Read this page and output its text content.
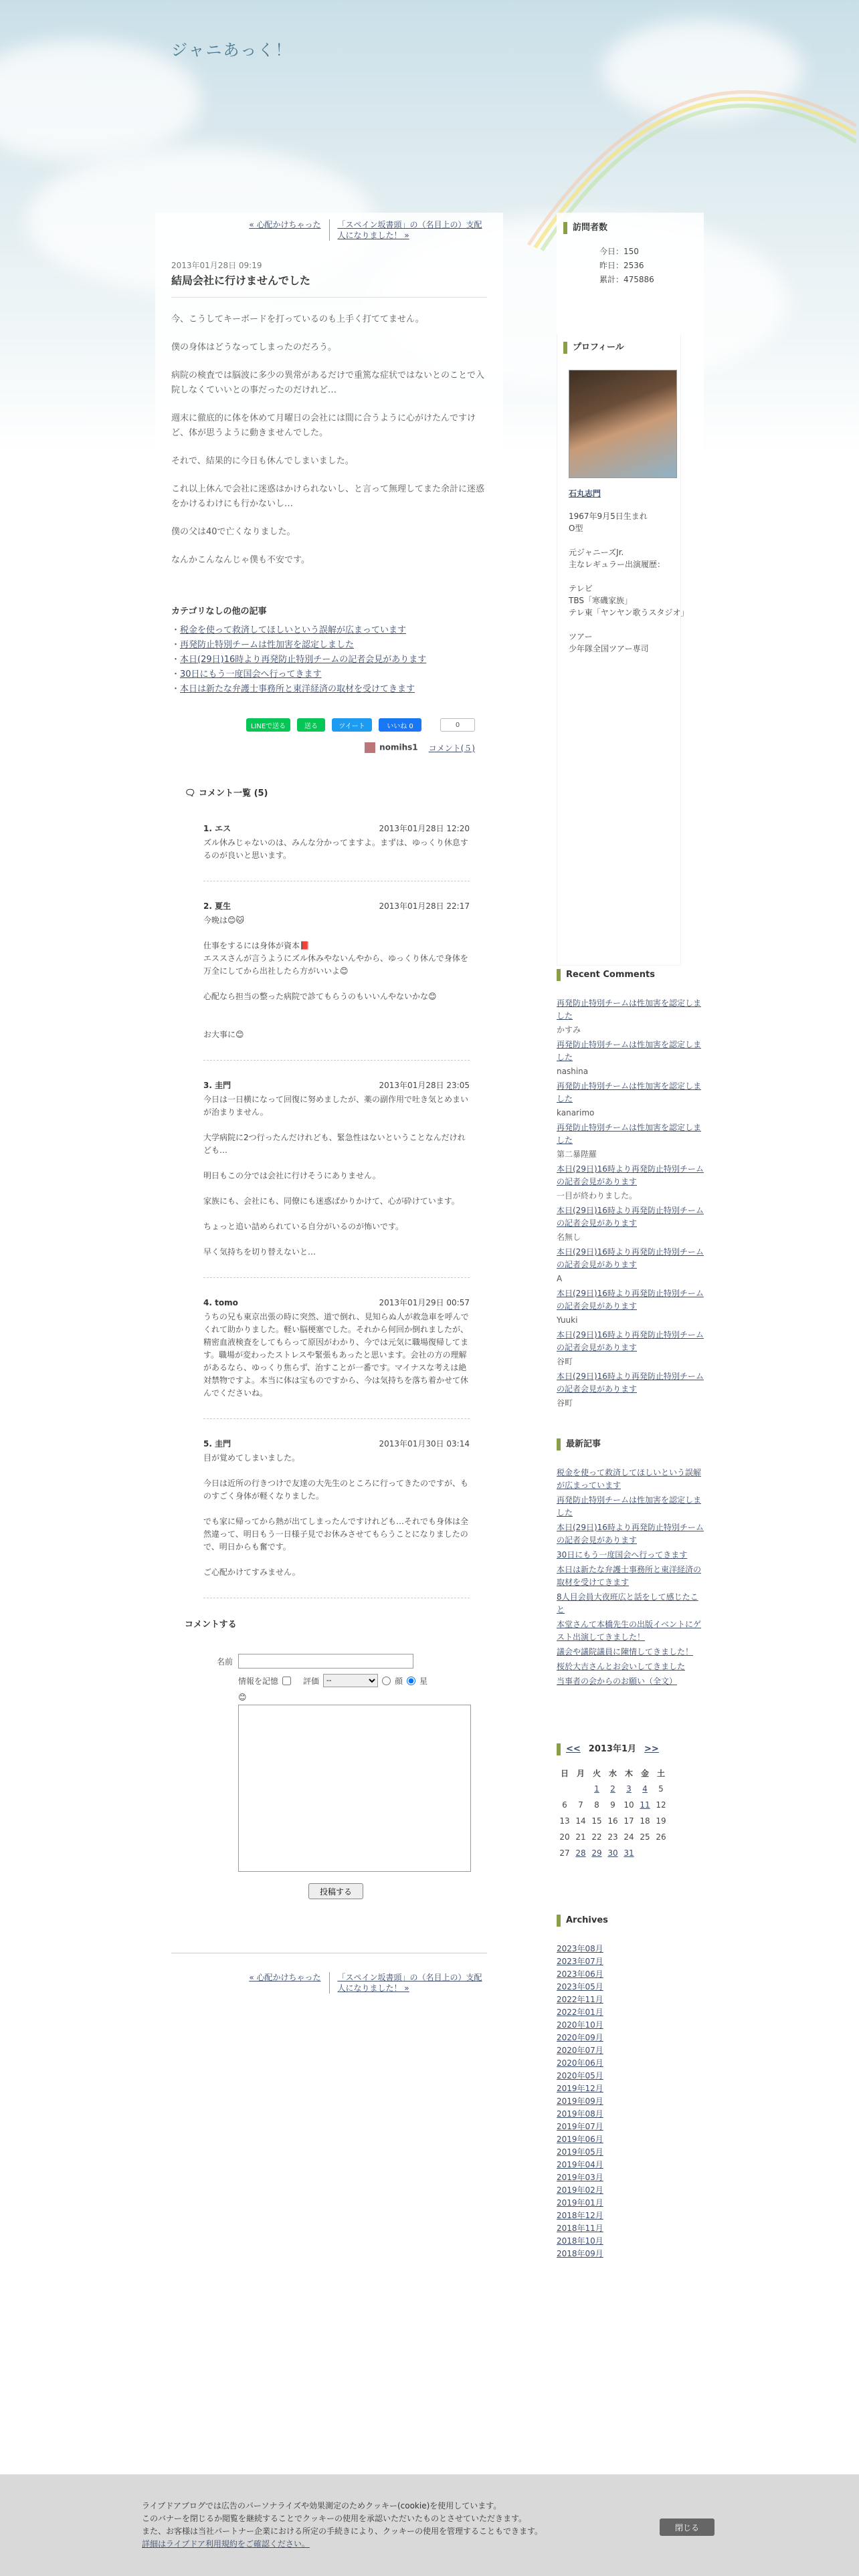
ジャニあっく！
« 心配かけちゃった 「スペイン坂書頭」の（名目上の）支配人になりました！ »
2013年01月28日 09:19
結局会社に行けませんでした

今、こうしてキーボードを打っているのも上手く打ててません。

僕の身体はどうなってしまったのだろう。

病院の検査では脳波に多少の異常があるだけで重篤な症状ではないとのことで入院しなくていいとの事だったのだけれど…

週末に徹底的に体を休めて月曜日の会社には間に合うように心がけたんですけど、体が思うように動きませんでした。

それで、結果的に今日も休んでしまいました。

これ以上休んで会社に迷惑はかけられないし、と言って無理してまた余計に迷惑をかけるわけにも行かないし…

僕の父は40で亡くなりました。

なんかこんなんじゃ僕も不安です。

カテゴリなしの他の記事
・ 税金を使って救済してほしいという誤解が広まっています
・ 再発防止特別チームは性加害を認定しました
・ 本日(29日)16時より再発防止特別チームの記者会見があります
・ 30日にもう一度国会へ行ってきます
・ 本日は新たな弁護士事務所と東洋経済の取材を受けてきます
LINEで送る	送る	ツイート	いいね 0	0
nomihs1 コメント(５)
🗨 コメント一覧 (5)
1. エス	2013年01月28日 12:20

ズル休みじゃないのは、みんな分かってますよ。まずは、ゆっくり休息するのが良いと思います。

2. 夏生	2013年01月28日 22:17

今晩は😊🐱

仕事をするには身体が資本📕

エススさんが言うようにズル休みやないんやから、ゆっくり休んで身体を万全にしてから出社したら方がいいよ😊

心配なら担当の整った病院で診てもらうのもいいんやないかな😊

お大事に😊

3. 圭門	2013年01月28日 23:05

今日は一日横になって回復に努めましたが、薬の副作用で吐き気とめまいが治まりません。

大学病院に2つ行ったんだけれども、緊急性はないということなんだけれども…

明日もこの分では会社に行けそうにありません。

家族にも、会社にも、同僚にも迷惑ばかりかけて、心が砕けています。

ちょっと追い詰められている自分がいるのが怖いです。

早く気持ちを切り替えないと…

4. tomo	2013年01月29日 00:57

うちの兄も東京出張の時に突然、道で倒れ、見知らぬ人が救急車を呼んでくれて助かりました。軽い脳梗塞でした。それから何回か倒れましたが、精密血液検査をしてもらって原因がわかり、今では元気に職場復帰してます。職場が変わったストレスや緊張もあったと思います。会社の方の理解があるなら、ゆっくり焦らず、治すことが一番です。マイナスな考えは絶対禁物ですよ。本当に体は宝ものですから、今は気持ちを落ち着かせて休んでくださいね。

5. 圭門	2013年01月30日 03:14

目が覚めてしまいました。

今日は近所の行きつけで友達の大先生のところに行ってきたのですが、ものすごく身体が軽くなりました。

でも家に帰ってから熱が出てしまったんですけれども…それでも身体は全然違って、明日もう一日様子見でお休みさせてもらうことになりましたので、明日からも奮です。

ご心配かけてすみません。

コメントする
名前
情報を記憶	評価
--	顔 星
😊
投稿する
« 心配かけちゃった 「スペイン坂書頭」の（名目上の）支配人になりました！ »
訪問者数
今日：150
昨日：2536
累計：475886
プロフィール
石丸志門

1967年9月5日生まれ

O型

元ジャニーズJr.

主なレギュラー出演履歴：

テレビ

TBS「寒磯家族」

テレ東「ヤンヤン歌うスタジオ」

ツアー

少年隊全国ツアー専司

Recent Comments
再発防止特別チームは性加害を認定しました
かすみ
再発防止特別チームは性加害を認定しました
nashina
再発防止特別チームは性加害を認定しました
kanarimo
再発防止特別チームは性加害を認定しました
第二暴陛羅
本日(29日)16時より再発防止特別チームの記者会見があります
一目が終わりました。
本日(29日)16時より再発防止特別チームの記者会見があります
名無し
本日(29日)16時より再発防止特別チームの記者会見があります
A
本日(29日)16時より再発防止特別チームの記者会見があります
Yuuki
本日(29日)16時より再発防止特別チームの記者会見があります
谷町
本日(29日)16時より再発防止特別チームの記者会見があります
谷町
最新記事
税金を使って救済してほしいという誤解が広まっています
再発防止特別チームは性加害を認定しました
本日(29日)16時より再発防止特別チームの記者会見があります
30日にもう一度国会へ行ってきます
本日は新たな弁護士事務所と東洋経済の取材を受けてきます
8人目会員大夜班広と話をして感じたこと
本堂さんて本橋先生の出版イベントにゲスト出演してきました！
議会や議院議員に陳情してきました！
桜於大吉さんとお会いしてきました
当事者の会からのお願い（全文）
<< 2013年1月 >>
日	月	火	水	木	金	土
		1	2	3	4	5
6	7	8	9	10	11	12
13	14	15	16	17	18	19
20	21	22	23	24	25	26
27	28	29	30	31		
Archives
2023年08月
2023年07月
2023年06月
2023年05月
2022年11月
2022年01月
2020年10月
2020年09月
2020年07月
2020年06月
2020年05月
2019年12月
2019年09月
2019年08月
2019年07月
2019年06月
2019年05月
2019年04月
2019年03月
2019年02月
2019年01月
2018年12月
2018年11月
2018年10月
2018年09月

ライブドアブログでは広告のパーソナライズや効果測定のためクッキー(cookie)を使用しています。
このバナーを閉じるか閲覧を継続することでクッキーの使用を承認いただいたものとさせていただきます。
また、お客様は当社パートナー企業における所定の手続きにより、クッキーの使用を管理することもできます。
詳細はライブドア利用規約をご確認ください。

閉じる
